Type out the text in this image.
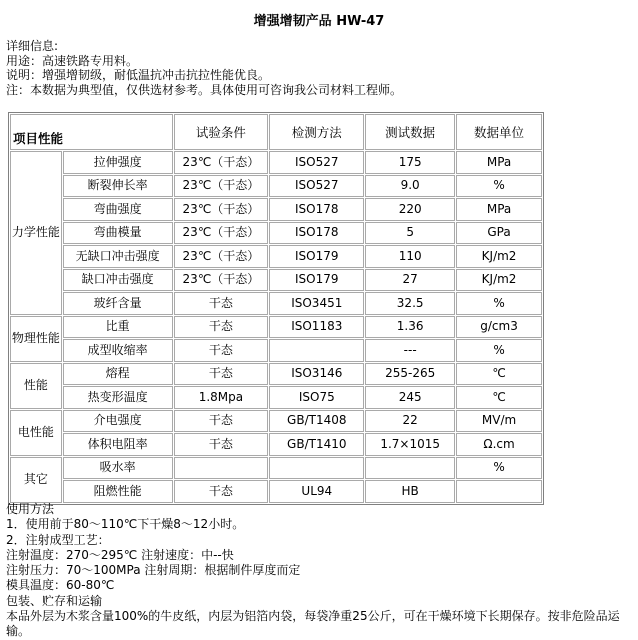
增强增韧产品 HW-47
详细信息:
用途：高速铁路专用料。
说明：增强增韧级，耐低温抗冲击抗拉性能优良。
注：本数据为典型值，仅供选材参考。具体使用可咨询我公司材料工程师。
项目性能		试验条件	检测方法	测试数据	数据单位
力学性能	拉伸强度	23℃（干态）	ISO527	175	MPa
	断裂伸长率	23℃（干态）	ISO527	9.0	%
	弯曲强度	23℃（干态）	ISO178	220	MPa
	弯曲模量	23℃（干态）	ISO178	5	GPa
	无缺口冲击强度	23℃（干态）	ISO179	110	KJ/m2
	缺口冲击强度	23℃（干态）	ISO179	27	KJ/m2
	玻纤含量	干态	ISO3451	32.5	%
物理性能	比重	干态	ISO1183	1.36	g/cm3
	成型收缩率	干态		---	%
性能	熔程	干态	ISO3146	255-265	℃
	热变形温度	1.8Mpa	ISO75	245	℃
电性能	介电强度	干态	GB/T1408	22	MV/m
	体积电阻率	干态	GB/T1410	1.7×1015	Ω.cm
其它	吸水率				%
	阻燃性能	干态	UL94	HB	
使用方法
1．使用前于80～110℃下干燥8～12小时。
2．注射成型工艺：
注射温度：270～295℃ 注射速度：中--快
注射压力：70～100MPa 注射周期：根据制件厚度而定
模具温度：60-80℃
包装、贮存和运输
本品外层为木浆含量100%的牛皮纸，内层为铝箔内袋，每袋净重25公斤，可在干燥环境下长期保存。按非危险品运输。
